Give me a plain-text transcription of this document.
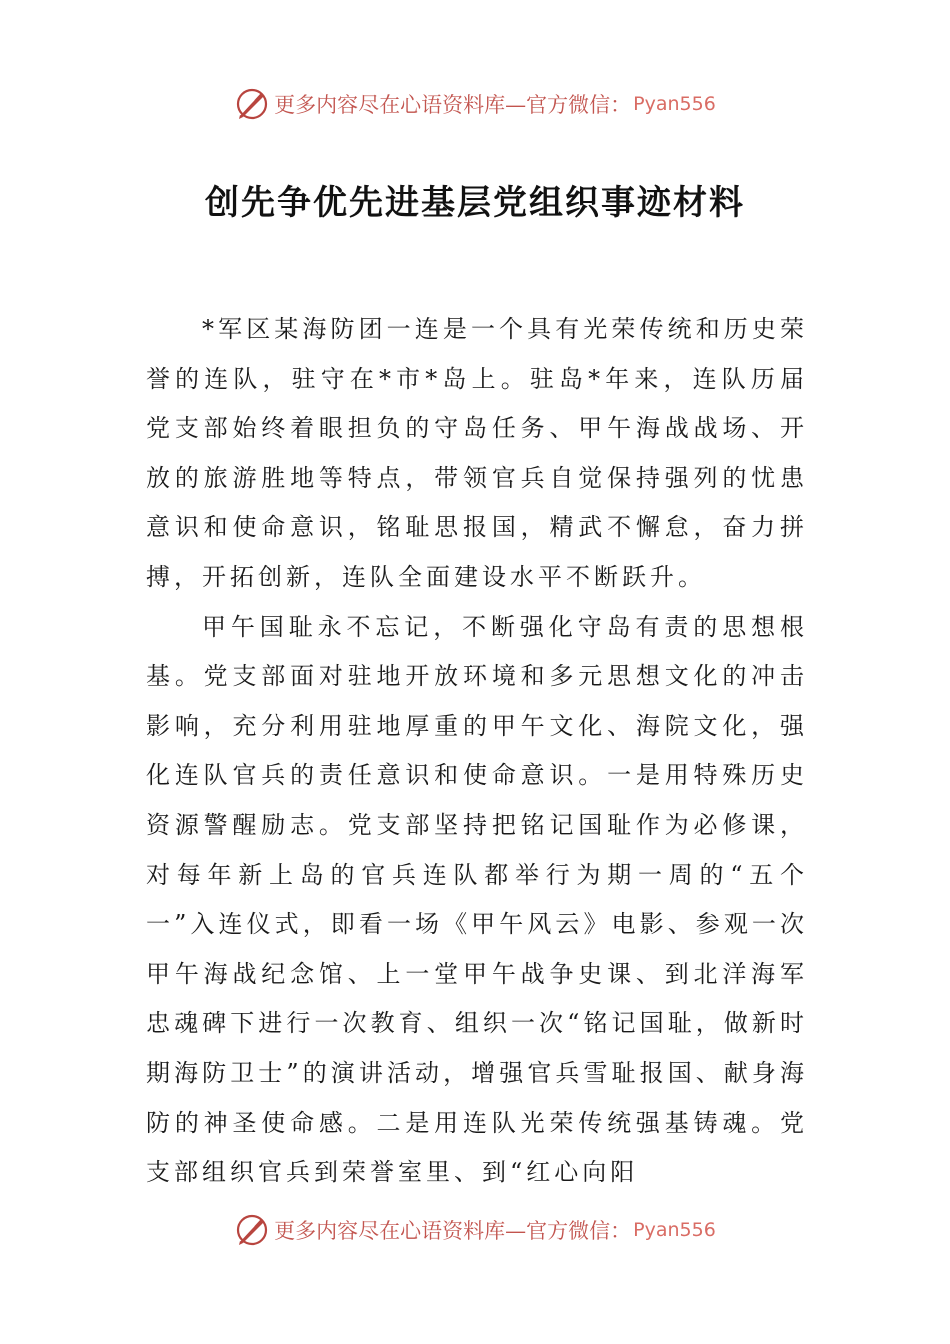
更多内容尽在心语资料库—官方微信： Pyan556
创先争优先进基层党组织事迹材料

*军区某海防团一连是一个具有光荣传统和历史荣誉的连队，驻守在*市*岛上。驻岛*年来，连队历届党支部始终着眼担负的守岛任务、甲午海战战场、开放的旅游胜地等特点，带领官兵自觉保持强列的忧患意识和使命意识，铭耻思报国，精武不懈怠，奋力拼搏，开拓创新，连队全面建设水平不断跃升。

甲午国耻永不忘记，不断强化守岛有责的思想根基。党支部面对驻地开放环境和多元思想文化的冲击影响，充分利用驻地厚重的甲午文化、海院文化，强化连队官兵的责任意识和使命意识。一是用特殊历史资源警醒励志。党支部坚持把铭记国耻作为必修课，对每年新上岛的官兵连队都举行为期一周的“五个一”入连仪式，即看一场《甲午风云》电影、参观一次甲午海战纪念馆、上一堂甲午战争史课、到北洋海军忠魂碑下进行一次教育、组织一次“铭记国耻，做新时期海防卫士”的演讲活动，增强官兵雪耻报国、献身海防的神圣使命感。二是用连队光荣传统强基铸魂。党支部组织官兵到荣誉室里、到“红心向阳

更多内容尽在心语资料库—官方微信： Pyan556
